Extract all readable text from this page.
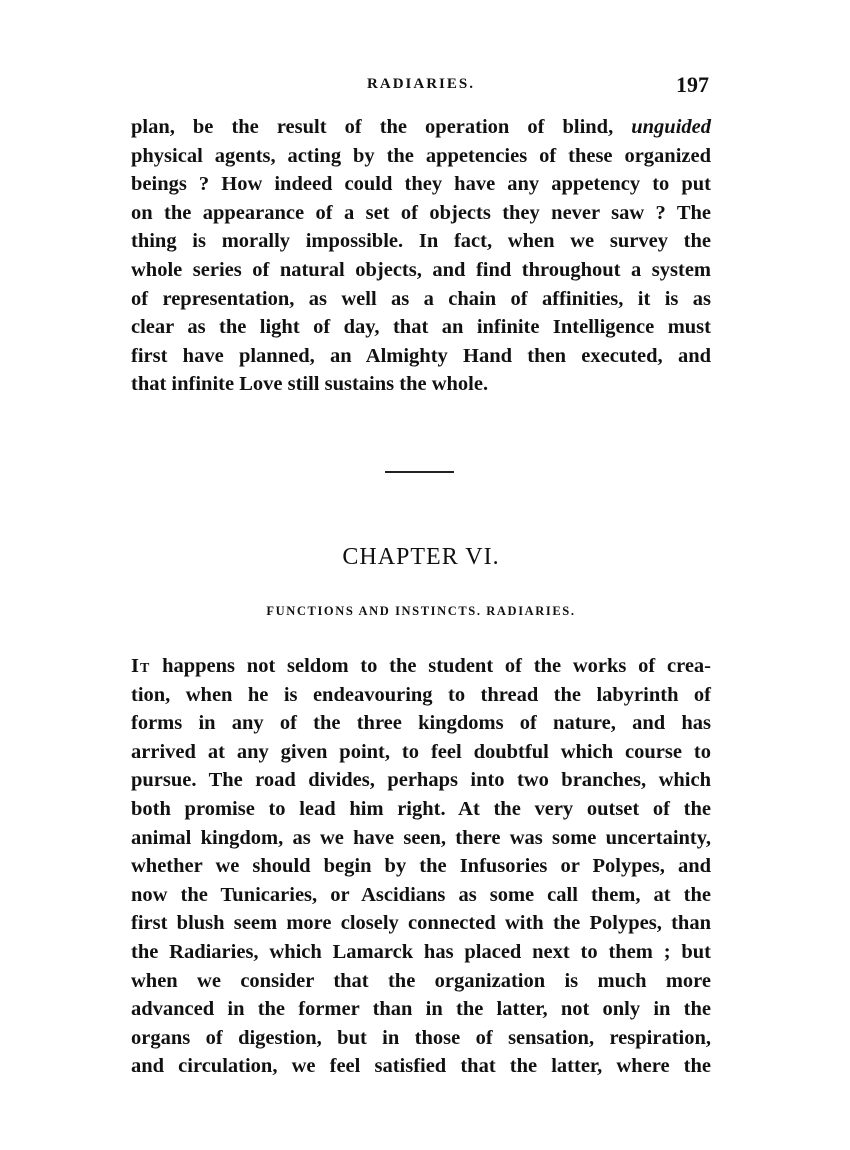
RADIARIES.	197
plan, be the result of the operation of blind, unguided
physical agents, acting by the appetencies of these organized
beings ? How indeed could they have any appetency to put
on the appearance of a set of objects they never saw ? The
thing is morally impossible. In fact, when we survey the
whole series of natural objects, and find throughout a system
of representation, as well as a chain of affinities, it is as
clear as the light of day, that an infinite Intelligence must
first have planned, an Almighty Hand then executed, and
that infinite Love still sustains the whole.
CHAPTER VI.
FUNCTIONS AND INSTINCTS. RADIARIES.
It happens not seldom to the student of the works of crea-
tion, when he is endeavouring to thread the labyrinth of
forms in any of the three kingdoms of nature, and has
arrived at any given point, to feel doubtful which course to
pursue. The road divides, perhaps into two branches, which
both promise to lead him right. At the very outset of the
animal kingdom, as we have seen, there was some uncertainty,
whether we should begin by the Infusories or Polypes, and
now the Tunicaries, or Ascidians as some call them, at the
first blush seem more closely connected with the Polypes, than
the Radiaries, which Lamarck has placed next to them ; but
when we consider that the organization is much more
advanced in the former than in the latter, not only in the
organs of digestion, but in those of sensation, respiration,
and circulation, we feel satisfied that the latter, where the
